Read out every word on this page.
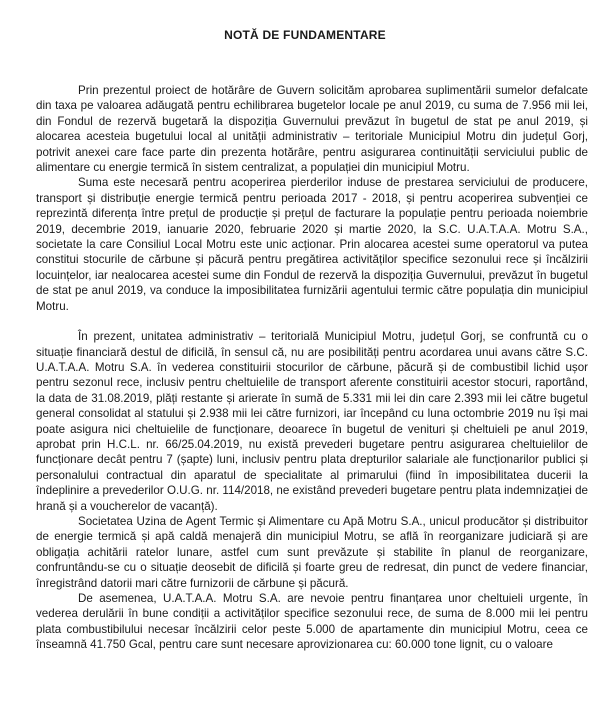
NOTĂ DE FUNDAMENTARE

Prin prezentul proiect de hotărâre de Guvern solicităm aprobarea suplimentării sumelor defalcate din taxa pe valoarea adăugată pentru echilibrarea bugetelor locale pe anul 2019, cu suma de 7.956 mii lei, din Fondul de rezervă bugetară la dispoziția Guvernului prevăzut în bugetul de stat pe anul 2019, și alocarea acesteia bugetului local al unității administrativ – teritoriale Municipiul Motru din județul Gorj, potrivit anexei care face parte din prezenta hotărâre, pentru asigurarea continuității serviciului public de alimentare cu energie termică în sistem centralizat, a populației din municipiul Motru.

Suma este necesară pentru acoperirea pierderilor induse de prestarea serviciului de producere, transport și distribuție energie termică pentru perioada 2017 - 2018, și pentru acoperirea subvenției ce reprezintă diferența între prețul de producție și prețul de facturare la populație pentru perioada noiembrie 2019, decembrie 2019, ianuarie 2020, februarie 2020 și martie 2020, la S.C. U.A.T.A.A. Motru S.A., societate la care Consiliul Local Motru este unic acționar. Prin alocarea acestei sume operatorul va putea constitui stocurile de cărbune și păcură pentru pregătirea activităților specifice sezonului rece și încălzirii locuințelor, iar nealocarea acestei sume din Fondul de rezervă la dispoziția Guvernului, prevăzut în bugetul de stat pe anul 2019, va conduce la imposibilitatea furnizării agentului termic către populația din municipiul Motru.

În prezent, unitatea administrativ – teritorială Municipiul Motru, județul Gorj, se confruntă cu o situație financiară destul de dificilă, în sensul că, nu are posibilități pentru acordarea unui avans către S.C. U.A.T.A.A. Motru S.A. în vederea constituirii stocurilor de cărbune, păcură și de combustibil lichid ușor pentru sezonul rece, inclusiv pentru cheltuielile de transport aferente constituirii acestor stocuri, raportând, la data de 31.08.2019, plăți restante și arierate în sumă de 5.331 mii lei din care 2.393 mii lei către bugetul general consolidat al statului și 2.938 mii lei către furnizori, iar începând cu luna octombrie 2019 nu își mai poate asigura nici cheltuielile de funcționare, deoarece în bugetul de venituri și cheltuieli pe anul 2019, aprobat prin H.C.L. nr. 66/25.04.2019, nu există prevederi bugetare pentru asigurarea cheltuielilor de funcționare decât pentru 7 (șapte) luni, inclusiv pentru plata drepturilor salariale ale funcționarilor publici și personalului contractual din aparatul de specialitate al primarului (fiind în imposibilitatea ducerii la îndeplinire a prevederilor O.U.G. nr. 114/2018, ne existând prevederi bugetare pentru plata indemnizației de hrană și a voucherelor de vacanță).

Societatea Uzina de Agent Termic și Alimentare cu Apă Motru S.A., unicul producător și distribuitor de energie termică și apă caldă menajeră din municipiul Motru, se află în reorganizare judiciară și are obligația achitării ratelor lunare, astfel cum sunt prevăzute și stabilite în planul de reorganizare, confruntându-se cu o situație deosebit de dificilă și foarte greu de redresat, din punct de vedere financiar, înregistrând datorii mari către furnizorii de cărbune și păcură.

De asemenea, U.A.T.A.A. Motru S.A. are nevoie pentru finanțarea unor cheltuieli urgente, în vederea derulării în bune condiții a activităților specifice sezonului rece, de suma de 8.000 mii lei pentru plata combustibilului necesar încălzirii celor peste 5.000 de apartamente din municipiul Motru, ceea ce înseamnă 41.750 Gcal, pentru care sunt necesare aprovizionarea cu: 60.000 tone lignit, cu o valoare
